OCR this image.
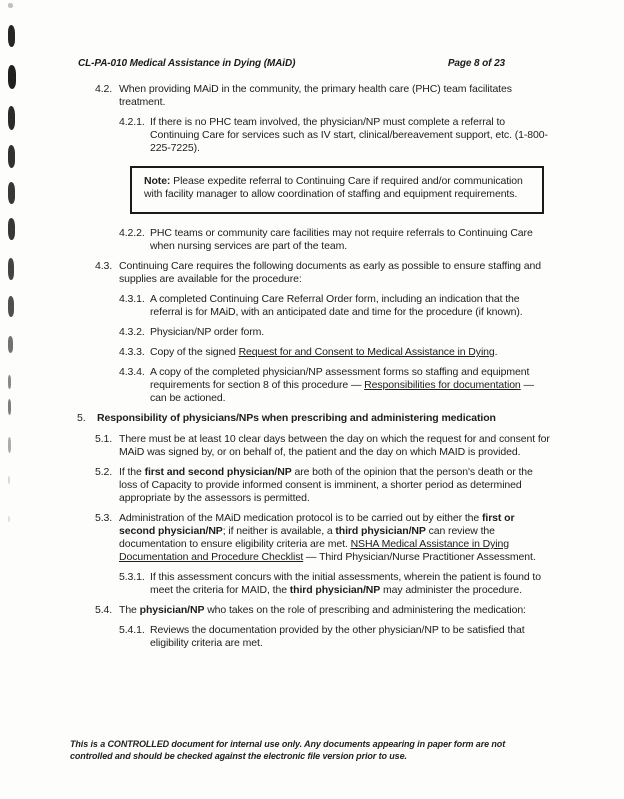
CL-PA-010 Medical Assistance in Dying (MAiD)	Page 8 of 23
4.2. When providing MAiD in the community, the primary health care (PHC) team facilitates treatment.
4.2.1. If there is no PHC team involved, the physician/NP must complete a referral to Continuing Care for services such as IV start, clinical/bereavement support, etc. (1-800-225-7225).
Note: Please expedite referral to Continuing Care if required and/or communication with facility manager to allow coordination of staffing and equipment requirements.
4.2.2. PHC teams or community care facilities may not require referrals to Continuing Care when nursing services are part of the team.
4.3. Continuing Care requires the following documents as early as possible to ensure staffing and supplies are available for the procedure:
4.3.1. A completed Continuing Care Referral Order form, including an indication that the referral is for MAiD, with an anticipated date and time for the procedure (if known).
4.3.2. Physician/NP order form.
4.3.3. Copy of the signed Request for and Consent to Medical Assistance in Dying.
4.3.4. A copy of the completed physician/NP assessment forms so staffing and equipment requirements for section 8 of this procedure — Responsibilities for documentation — can be actioned.
5.	Responsibility of physicians/NPs when prescribing and administering medication
5.1. There must be at least 10 clear days between the day on which the request for and consent for MAiD was signed by, or on behalf of, the patient and the day on which MAID is provided.
5.2. If the first and second physician/NP are both of the opinion that the person's death or the loss of Capacity to provide informed consent is imminent, a shorter period as determined appropriate by the assessors is permitted.
5.3. Administration of the MAiD medication protocol is to be carried out by either the first or second physician/NP; if neither is available, a third physician/NP can review the documentation to ensure eligibility criteria are met. NSHA Medical Assistance in Dying Documentation and Procedure Checklist — Third Physician/Nurse Practitioner Assessment.
5.3.1. If this assessment concurs with the initial assessments, wherein the patient is found to meet the criteria for MAID, the third physician/NP may administer the procedure.
5.4. The physician/NP who takes on the role of prescribing and administering the medication:
5.4.1. Reviews the documentation provided by the other physician/NP to be satisfied that eligibility criteria are met.
This is a CONTROLLED document for internal use only. Any documents appearing in paper form are not controlled and should be checked against the electronic file version prior to use.
